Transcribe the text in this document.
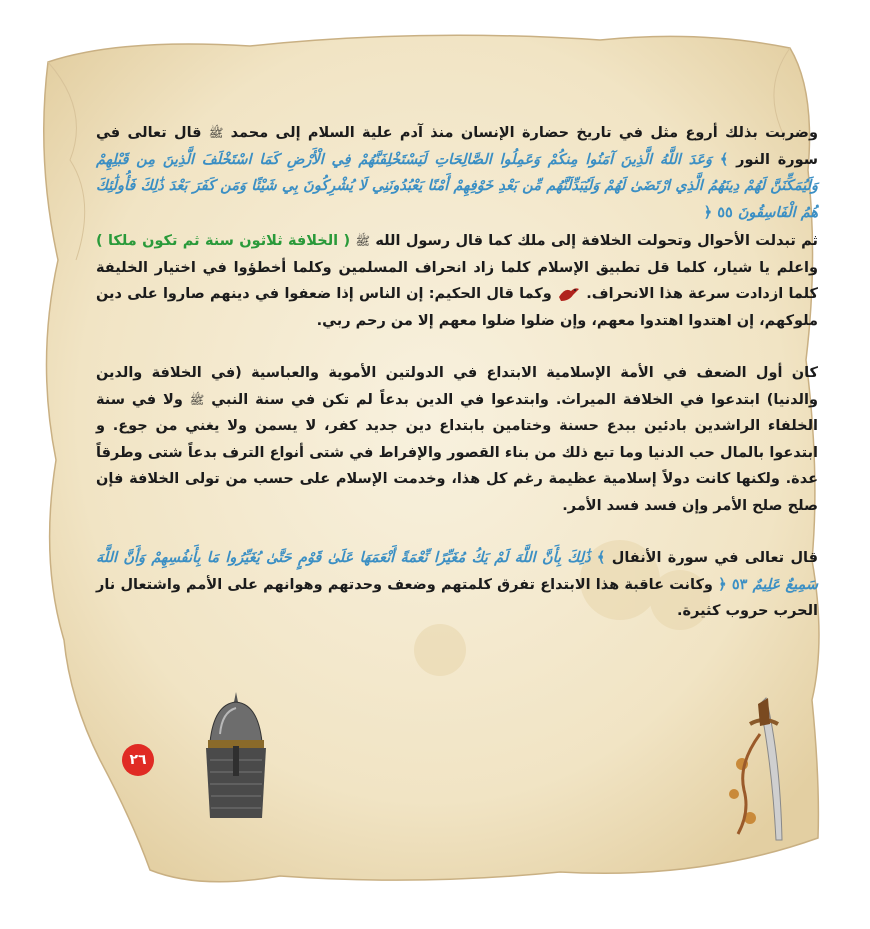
وضربت بذلك أروع مثل في تاريخ حضارة الإنسان منذ آدم علية السلام إلى محمد ﷺ قال تعالى في سورة النور ﴾ وَعَدَ اللَّهُ الَّذِينَ آمَنُوا مِنكُمْ وَعَمِلُوا الصَّالِحَاتِ لَيَسْتَخْلِفَنَّهُمْ فِي الْأَرْضِ كَمَا اسْتَخْلَفَ الَّذِينَ مِن قَبْلِهِمْ وَلَيُمَكِّنَنَّ لَهُمْ دِينَهُمُ الَّذِي ارْتَضَىٰ لَهُمْ وَلَيُبَدِّلَنَّهُم مِّن بَعْدِ خَوْفِهِمْ أَمْنًا يَعْبُدُونَنِي لَا يُشْرِكُونَ بِي شَيْئًا وَمَن كَفَرَ بَعْدَ ذَٰلِكَ فَأُولَٰئِكَ هُمُ الْفَاسِقُونَ ٥٥ ﴿

ثم تبدلت الأحوال وتحولت الخلافة إلى ملك كما قال رسول الله ﷺ ( الخلافة ثلاثون سنة ثم تكون ملكا ) واعلم يا شيار، كلما قل تطبيق الإسلام كلما زاد انحراف المسلمين وكلما أخطؤوا في اختيار الخليفة كلما ازدادت سرعة هذا الانحراف.  وكما قال الحكيم: إن الناس إذا ضعفوا في دينهم صاروا على دين ملوكهم، إن اهتدوا اهتدوا معهم، وإن ضلوا ضلوا معهم إلا من رحم ربي.

كان أول الضعف في الأمة الإسلامية الابتداع في الدولتين الأموية والعباسية (في الخلافة والدين والدنيا) ابتدعوا في الخلافة الميراث. وابتدعوا في الدين بدعاً لم تكن في سنة النبي ﷺ ولا في سنة الخلفاء الراشدين بادئين ببدع حسنة وختامين بابتداع دين جديد كفر، لا يسمن ولا يغني من جوع. و ابتدعوا بالمال حب الدنيا وما تبع ذلك من بناء القصور والإفراط في شتى أنواع الترف بدعاً شتى وطرقاً عدة. ولكنها كانت دولاً إسلامية عظيمة رغم كل هذا، وخدمت الإسلام على حسب من تولى الخلافة فإن صلح صلح الأمر وإن فسد فسد الأمر.

قال تعالى في سورة الأنفال ﴾ ذَٰلِكَ بِأَنَّ اللَّهَ لَمْ يَكُ مُغَيِّرًا نِّعْمَةً أَنْعَمَهَا عَلَىٰ قَوْمٍ حَتَّىٰ يُغَيِّرُوا مَا بِأَنفُسِهِمْ وَأَنَّ اللَّهَ سَمِيعٌ عَلِيمٌ ٥٣ ﴿ وكانت عاقبة هذا الابتداع تفرق كلمتهم وضعف وحدتهم وهوانهم على الأمم واشتعال نار الحرب حروب كثيرة.

٢٦
